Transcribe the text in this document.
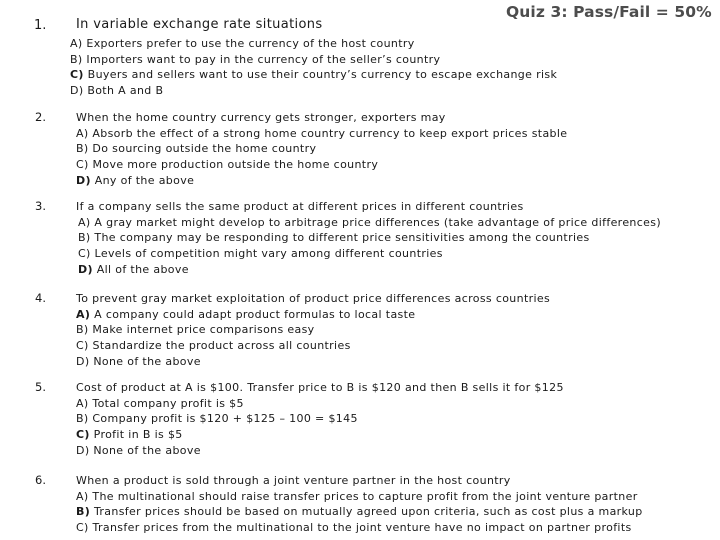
Quiz 3: Pass/Fail = 50%
1. In variable exchange rate situations
A) Exporters prefer to use the currency of the host country
B) Importers want to pay in the currency of the seller’s country
C) Buyers and sellers want to use their country’s currency to escape exchange risk
D) Both A and B
2.	When the home country currency gets stronger, exporters may
A) Absorb the effect of a strong home country currency to keep export prices stable
B) Do sourcing outside the home country
C) Move more production outside the home country
D) Any of the above
3.	If a company sells the same product at different prices in different countries
A) A gray market might develop to arbitrage price differences (take advantage of price differences)
B) The company may be responding to different price sensitivities among the countries
C) Levels of competition might vary among different countries
D) All of the above
4.	To prevent gray market exploitation of product price differences across countries
A) A company could adapt product formulas to local taste
B) Make internet price comparisons easy
C) Standardize the product across all countries
D) None of the above
5.	Cost of product at A is $100. Transfer price to B is $120 and then B sells it for $125
A) Total company profit is $5
B) Company profit is $120 + $125 – 100 = $145
C) Profit in B is $5
D) None of the above
6.	When a product is sold through a joint venture partner in the host country
A) The multinational should raise transfer prices to capture profit from the joint venture partner
B) Transfer prices should be based on mutually agreed upon criteria, such as cost plus a markup
C) Transfer prices from the multinational to the joint venture have no impact on partner profits
